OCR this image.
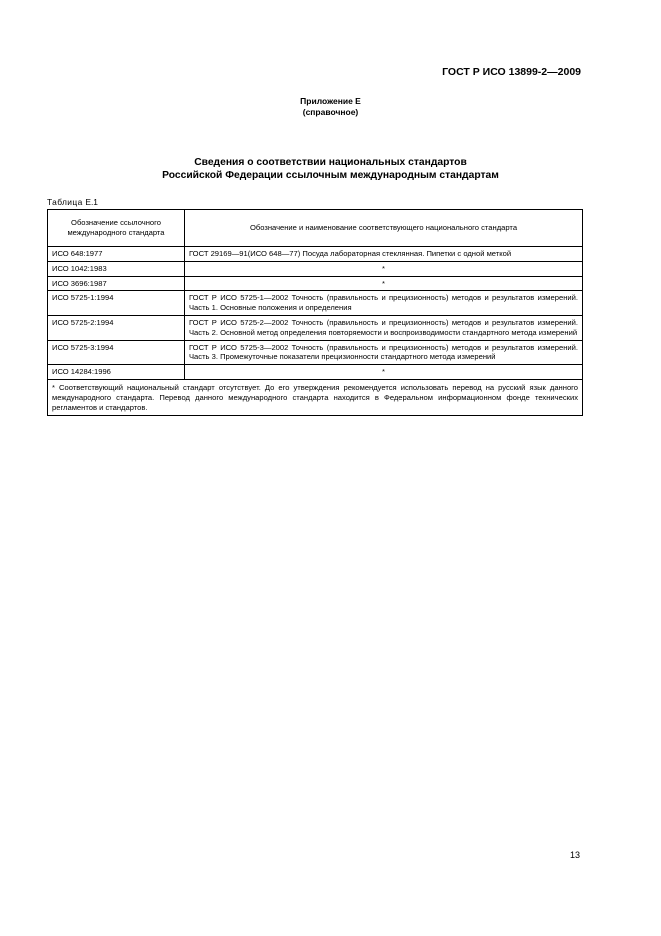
ГОСТ Р ИСО 13899-2—2009
Приложение Е
(справочное)
Сведения о соответствии национальных стандартов
Российской Федерации ссылочным международным стандартам
Таблица Е.1
Обозначение ссылочного международного стандарта	Обозначение и наименование соответствующего национального стандарта
ИСО 648:1977	ГОСТ 29169—91(ИСО 648—77) Посуда лабораторная стеклянная. Пипетки с одной меткой
ИСО 1042:1983	*
ИСО 3696:1987	*
ИСО 5725-1:1994	ГОСТ Р ИСО 5725-1—2002 Точность (правильность и прецизионность) методов и результатов измерений. Часть 1. Основные положения и определения
ИСО 5725-2:1994	ГОСТ Р ИСО 5725-2—2002 Точность (правильность и прецизионность) методов и результатов измерений. Часть 2. Основной метод определения повторяемости и воспроизводимости стандартного метода измерений
ИСО 5725-3:1994	ГОСТ Р ИСО 5725-3—2002 Точность (правильность и прецизионность) методов и результатов измерений. Часть 3. Промежуточные показатели прецизионности стандартного метода измерений
ИСО 14284:1996	*
* Соответствующий национальный стандарт отсутствует. До его утверждения рекомендуется использовать перевод на русский язык данного международного стандарта. Перевод данного международного стандарта находится в Федеральном информационном фонде технических регламентов и стандартов.	
13
